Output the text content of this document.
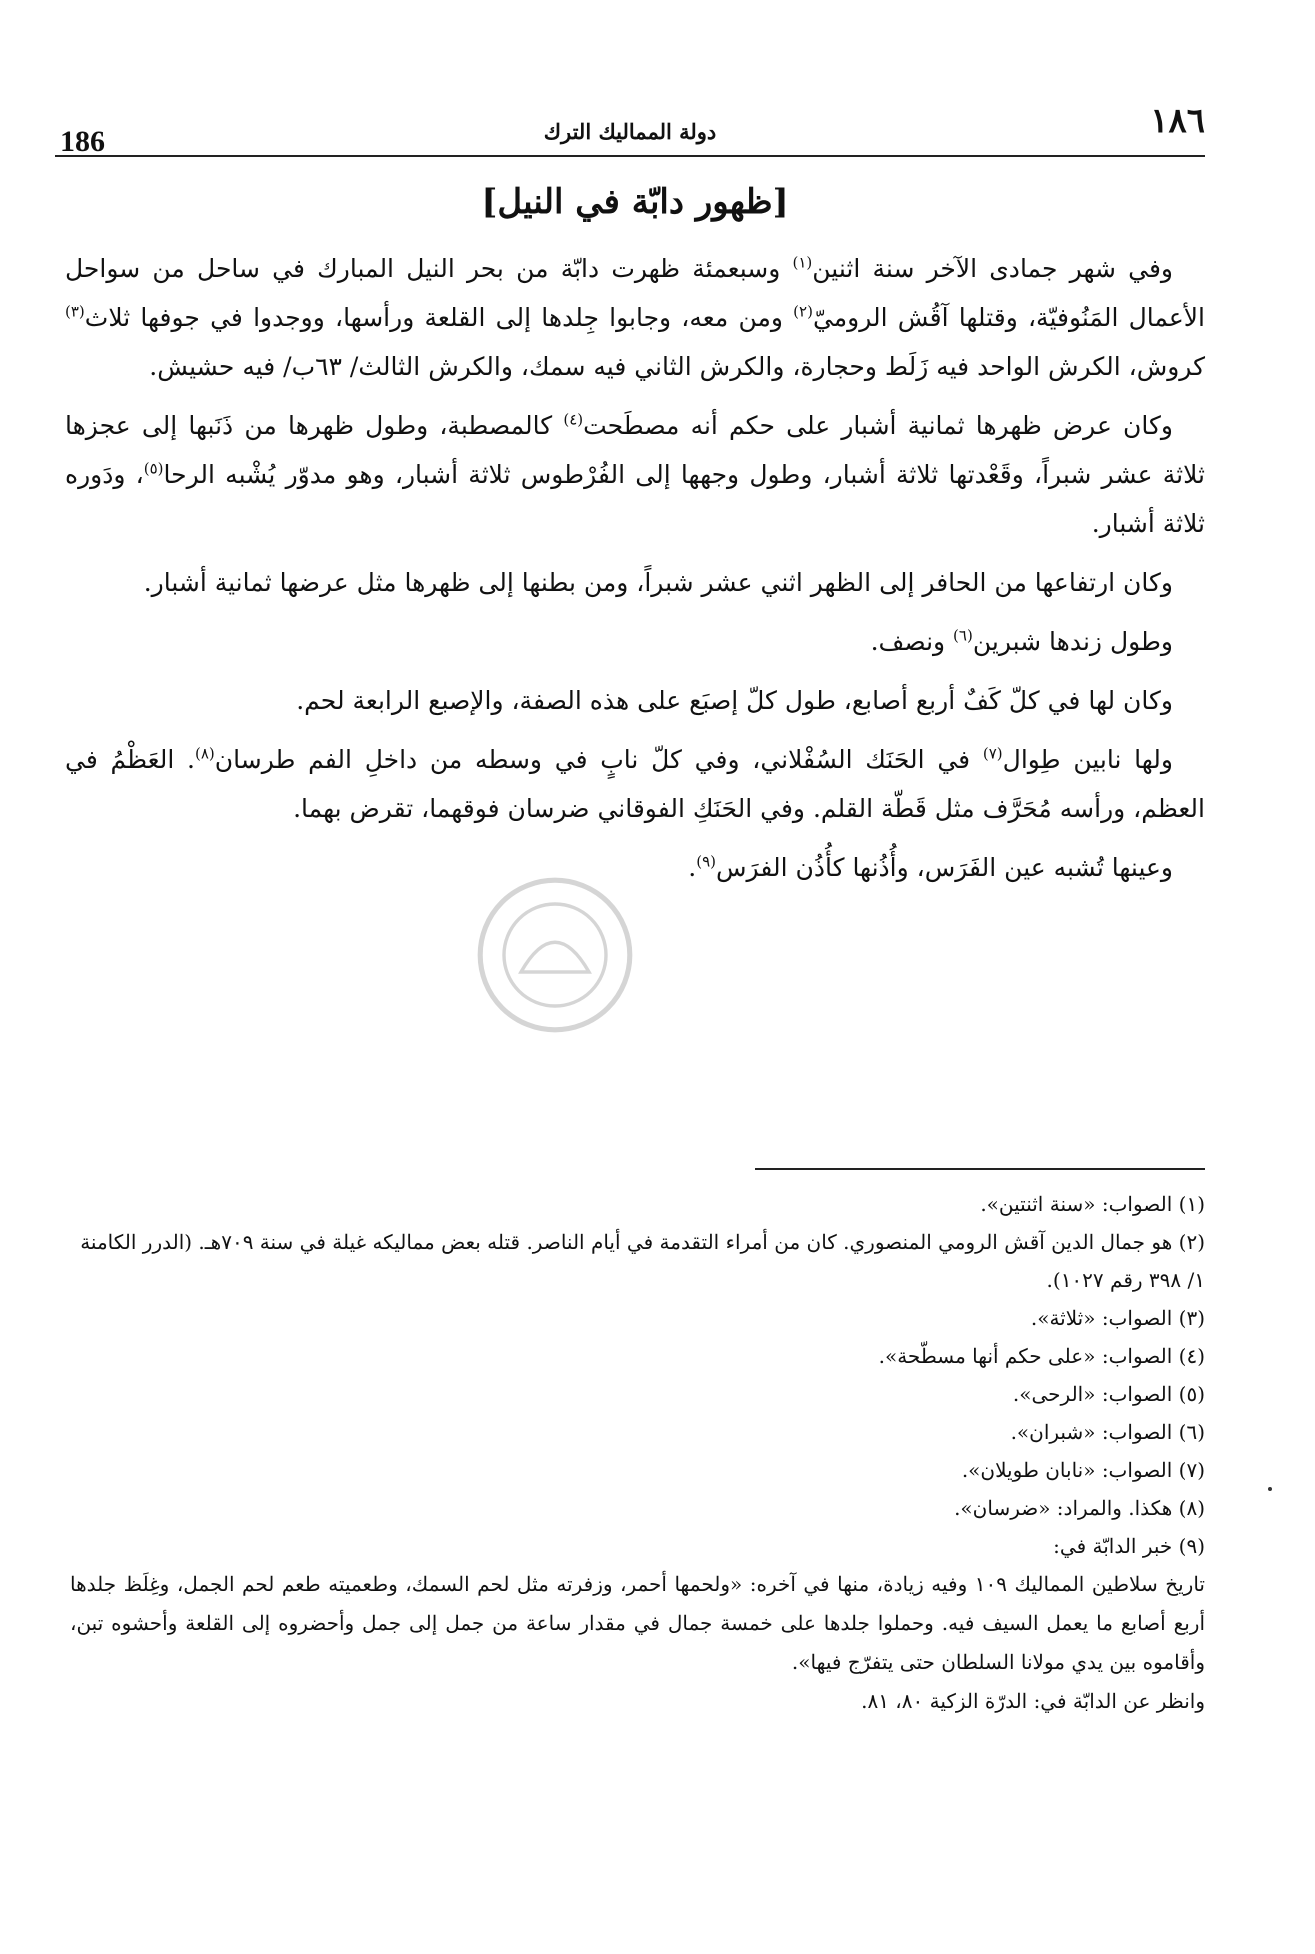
186	دولة المماليك الترك	١٨٦
[ظهور دابّة في النيل]

وفي شهر جمادى الآخر سنة اثنين$^{(١)}$ وسبعمئة ظهرت دابّة من بحر النيل المبارك في ساحل من سواحل الأعمال المَنُوفيّة، وقتلها آقُش الروميّ$^{(٢)}$ ومن معه، وجابوا جِلدها إلى القلعة ورأسها، ووجدوا في جوفها ثلاث$^{(٣)}$ كروش، الكرش الواحد فيه زَلَط وحجارة، والكرش الثاني فيه سمك، والكرش الثالث/ ٦٣ب/ فيه حشيش.

وكان عرض ظهرها ثمانية أشبار على حكم أنه مصطَحت$^{(٤)}$ كالمصطبة، وطول ظهرها من ذَنَبها إلى عجزها ثلاثة عشر شبراً، وقَعْدتها ثلاثة أشبار، وطول وجهها إلى الفُرْطوس ثلاثة أشبار، وهو مدوّر يُشْبه الرحا$^{(٥)}$، ودَوره ثلاثة أشبار.

وكان ارتفاعها من الحافر إلى الظهر اثني عشر شبراً، ومن بطنها إلى ظهرها مثل عرضها ثمانية أشبار.

وطول زندها شبرين$^{(٦)}$ ونصف.

وكان لها في كلّ كَفٌ أربع أصابع، طول كلّ إصبَع على هذه الصفة، والإصبع الرابعة لحم.

ولها نابين طِوال$^{(٧)}$ في الحَنَك السُفْلاني، وفي كلّ نابٍ في وسطه من داخلِ الفم طرسان$^{(٨)}$. العَظْمُ في العظم، ورأسه مُحَرَّف مثل قَطّة القلم. وفي الحَنَكِ الفوقاني ضرسان فوقهما، تقرض بهما.

وعينها تُشبه عين الفَرَس، وأُذُنها كأُذُن الفرَس$^{(٩)}$.

(١) الصواب: «سنة اثنتين».

(٢) هو جمال الدين آقش الرومي المنصوري. كان من أمراء التقدمة في أيام الناصر. قتله بعض مماليكه غيلة في سنة ٧٠٩هـ. (الدرر الكامنة ١/ ٣٩٨ رقم ١٠٢٧).

(٣) الصواب: «ثلاثة».

(٤) الصواب: «على حكم أنها مسطّحة».

(٥) الصواب: «الرحى».

(٦) الصواب: «شبران».

(٧) الصواب: «نابان طويلان».

(٨) هكذا. والمراد: «ضرسان».

(٩) خبر الدابّة في:

تاريخ سلاطين المماليك ١٠٩ وفيه زيادة، منها في آخره: «ولحمها أحمر، وزفرته مثل لحم السمك، وطعميته طعم لحم الجمل، وغِلَظ جلدها أربع أصابع ما يعمل السيف فيه. وحملوا جلدها على خمسة جمال في مقدار ساعة من جمل إلى جمل وأحضروه إلى القلعة وأحشوه تبن، وأقاموه بين يدي مولانا السلطان حتى يتفرّج فيها».

وانظر عن الدابّة في: الدرّة الزكية ٨٠، ٨١.
